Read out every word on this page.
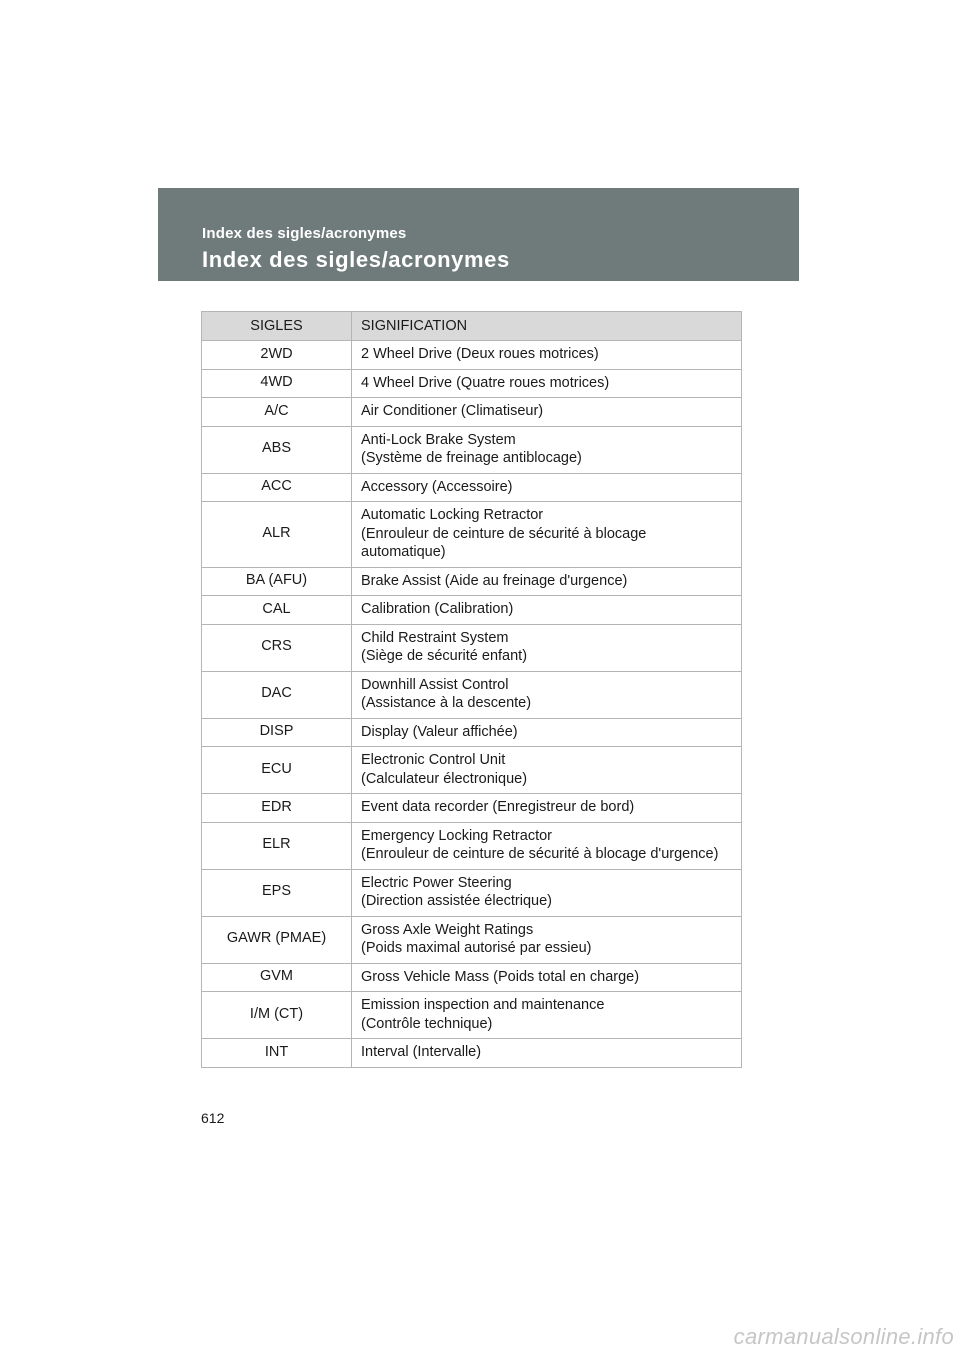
Index des sigles/acronymes
Index des sigles/acronymes
SIGLES	SIGNIFICATION
2WD	2 Wheel Drive (Deux roues motrices)
4WD	4 Wheel Drive (Quatre roues motrices)
A/C	Air Conditioner (Climatiseur)
ABS	Anti-Lock Brake System
(Système de freinage antiblocage)
ACC	Accessory (Accessoire)
ALR	Automatic Locking Retractor
(Enrouleur de ceinture de sécurité à blocage
automatique)
BA (AFU)	Brake Assist (Aide au freinage d'urgence)
CAL	Calibration (Calibration)
CRS	Child Restraint System
(Siège de sécurité enfant)
DAC	Downhill Assist Control
(Assistance à la descente)
DISP	Display (Valeur affichée)
ECU	Electronic Control Unit
(Calculateur électronique)
EDR	Event data recorder (Enregistreur de bord)
ELR	Emergency Locking Retractor
(Enrouleur de ceinture de sécurité à blocage d'urgence)
EPS	Electric Power Steering
(Direction assistée électrique)
GAWR (PMAE)	Gross Axle Weight Ratings
(Poids maximal autorisé par essieu)
GVM	Gross Vehicle Mass (Poids total en charge)
I/M (CT)	Emission inspection and maintenance
(Contrôle technique)
INT	Interval (Intervalle)
612
carmanualsonline.info
